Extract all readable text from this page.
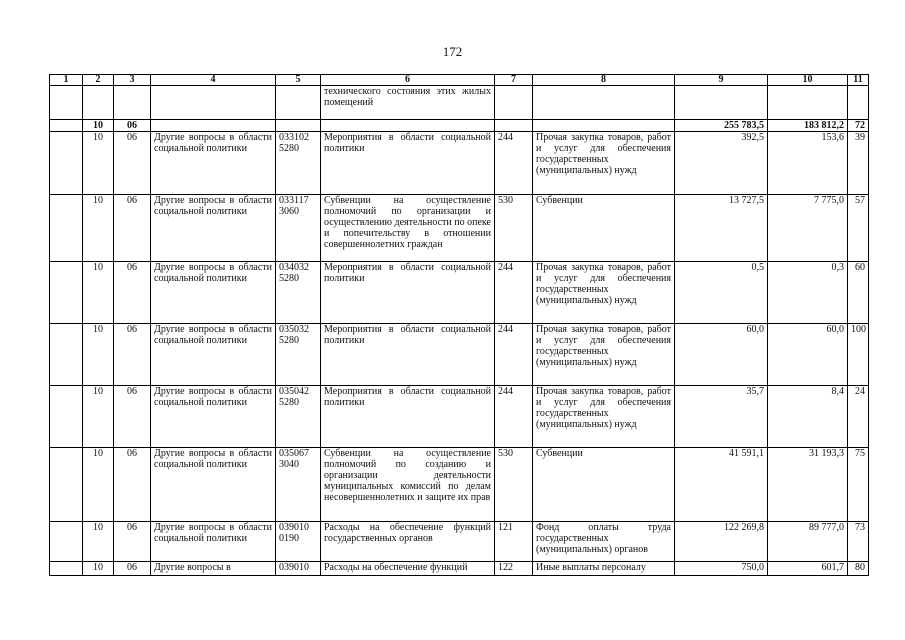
172
1	2	3	4	5	6	7	8	9	10	11
					технического состояния этих жилых помещений					
	10	06						255 783,5	183 812,2	72
	10	06	Другие вопросы в области социальной политики	033102 5280	Мероприятия в области социальной политики	244	Прочая закупка товаров, работ и услуг для обеспечения государственных (муниципальных) нужд	392,5	153,6	39
	10	06	Другие вопросы в области социальной политики	033117 3060	Субвенции на осуществление полномочий по организации и осуществлению деятельности по опеке и попечительству в отношении совершеннолетних граждан	530	Субвенции	13 727,5	7 775,0	57
	10	06	Другие вопросы в области социальной политики	034032 5280	Мероприятия в области социальной политики	244	Прочая закупка товаров, работ и услуг для обеспечения государственных (муниципальных) нужд	0,5	0,3	60
	10	06	Другие вопросы в области социальной политики	035032 5280	Мероприятия в области социальной политики	244	Прочая закупка товаров, работ и услуг для обеспечения государственных (муниципальных) нужд	60,0	60,0	100
	10	06	Другие вопросы в области социальной политики	035042 5280	Мероприятия в области социальной политики	244	Прочая закупка товаров, работ и услуг для обеспечения государственных (муниципальных) нужд	35,7	8,4	24
	10	06	Другие вопросы в области социальной политики	035067 3040	Субвенции на осуществление полномочий по созданию и организации деятельности муниципальных комиссий по делам несовершеннолетних и защите их прав	530	Субвенции	41 591,1	31 193,3	75
	10	06	Другие вопросы в области социальной политики	039010 0190	Расходы на обеспечение функций государственных органов	121	Фонд оплаты труда государственных (муниципальных) органов	122 269,8	89 777,0	73
	10	06	Другие вопросы в	039010	Расходы на обеспечение функций	122	Иные выплаты персоналу	750,0	601,7	80
